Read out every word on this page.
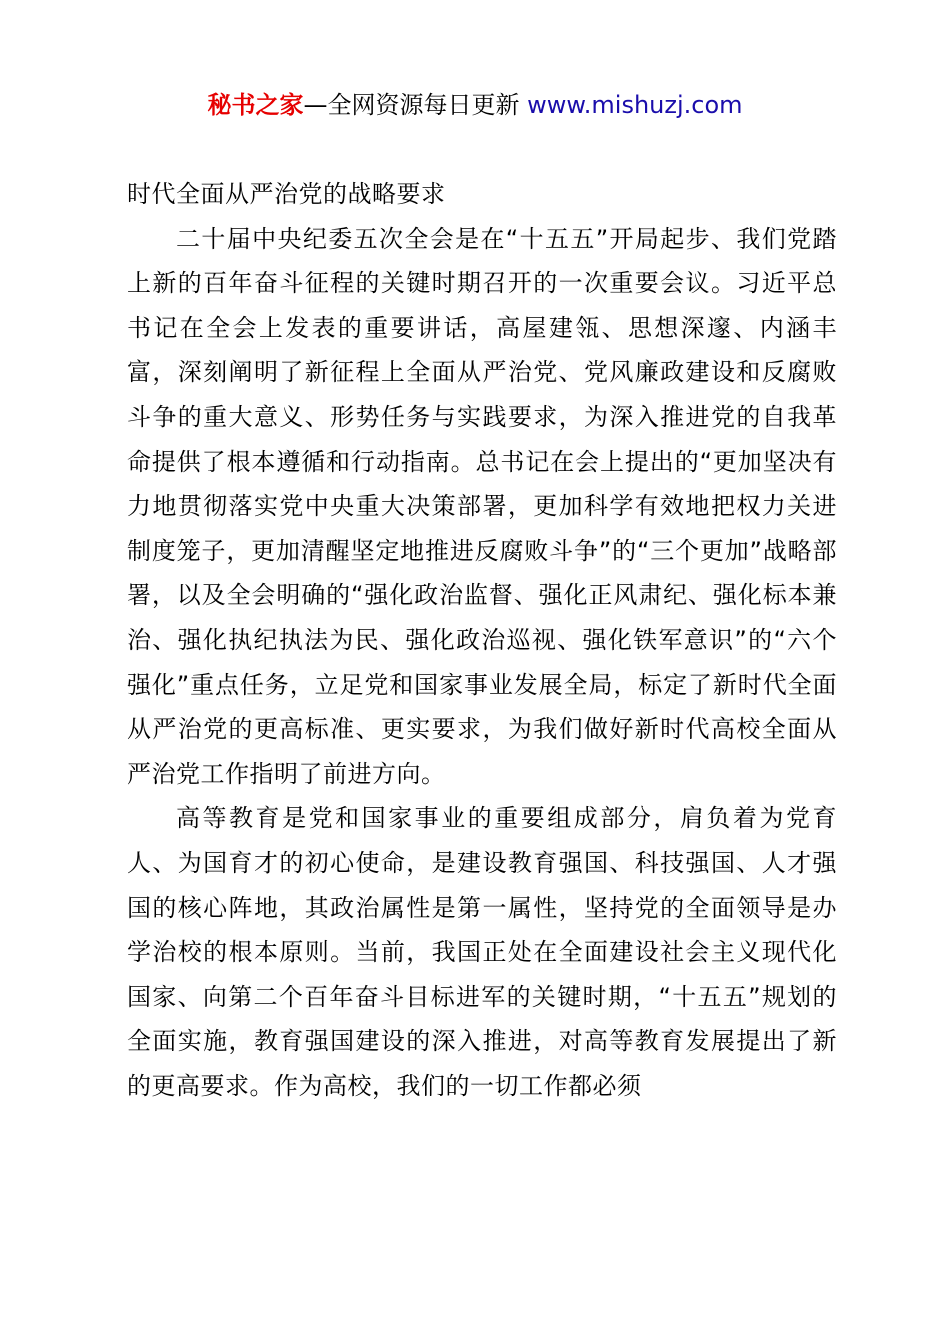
秘书之家—全网资源每日更新 www.mishuzj.com

时代全面从严治党的战略要求

二十届中央纪委五次全会是在“十五五”开局起步、我们党踏上新的百年奋斗征程的关键时期召开的一次重要会议。习近平总书记在全会上发表的重要讲话，高屋建瓴、思想深邃、内涵丰富，深刻阐明了新征程上全面从严治党、党风廉政建设和反腐败斗争的重大意义、形势任务与实践要求，为深入推进党的自我革命提供了根本遵循和行动指南。总书记在会上提出的“更加坚决有力地贯彻落实党中央重大决策部署，更加科学有效地把权力关进制度笼子，更加清醒坚定地推进反腐败斗争”的“三个更加”战略部署，以及全会明确的“强化政治监督、强化正风肃纪、强化标本兼治、强化执纪执法为民、强化政治巡视、强化铁军意识”的“六个强化”重点任务，立足党和国家事业发展全局，标定了新时代全面从严治党的更高标准、更实要求，为我们做好新时代高校全面从严治党工作指明了前进方向。

高等教育是党和国家事业的重要组成部分，肩负着为党育人、为国育才的初心使命，是建设教育强国、科技强国、人才强国的核心阵地，其政治属性是第一属性，坚持党的全面领导是办学治校的根本原则。当前，我国正处在全面建设社会主义现代化国家、向第二个百年奋斗目标进军的关键时期，“十五五”规划的全面实施，教育强国建设的深入推进，对高等教育发展提出了新的更高要求。作为高校，我们的一切工作都必须
